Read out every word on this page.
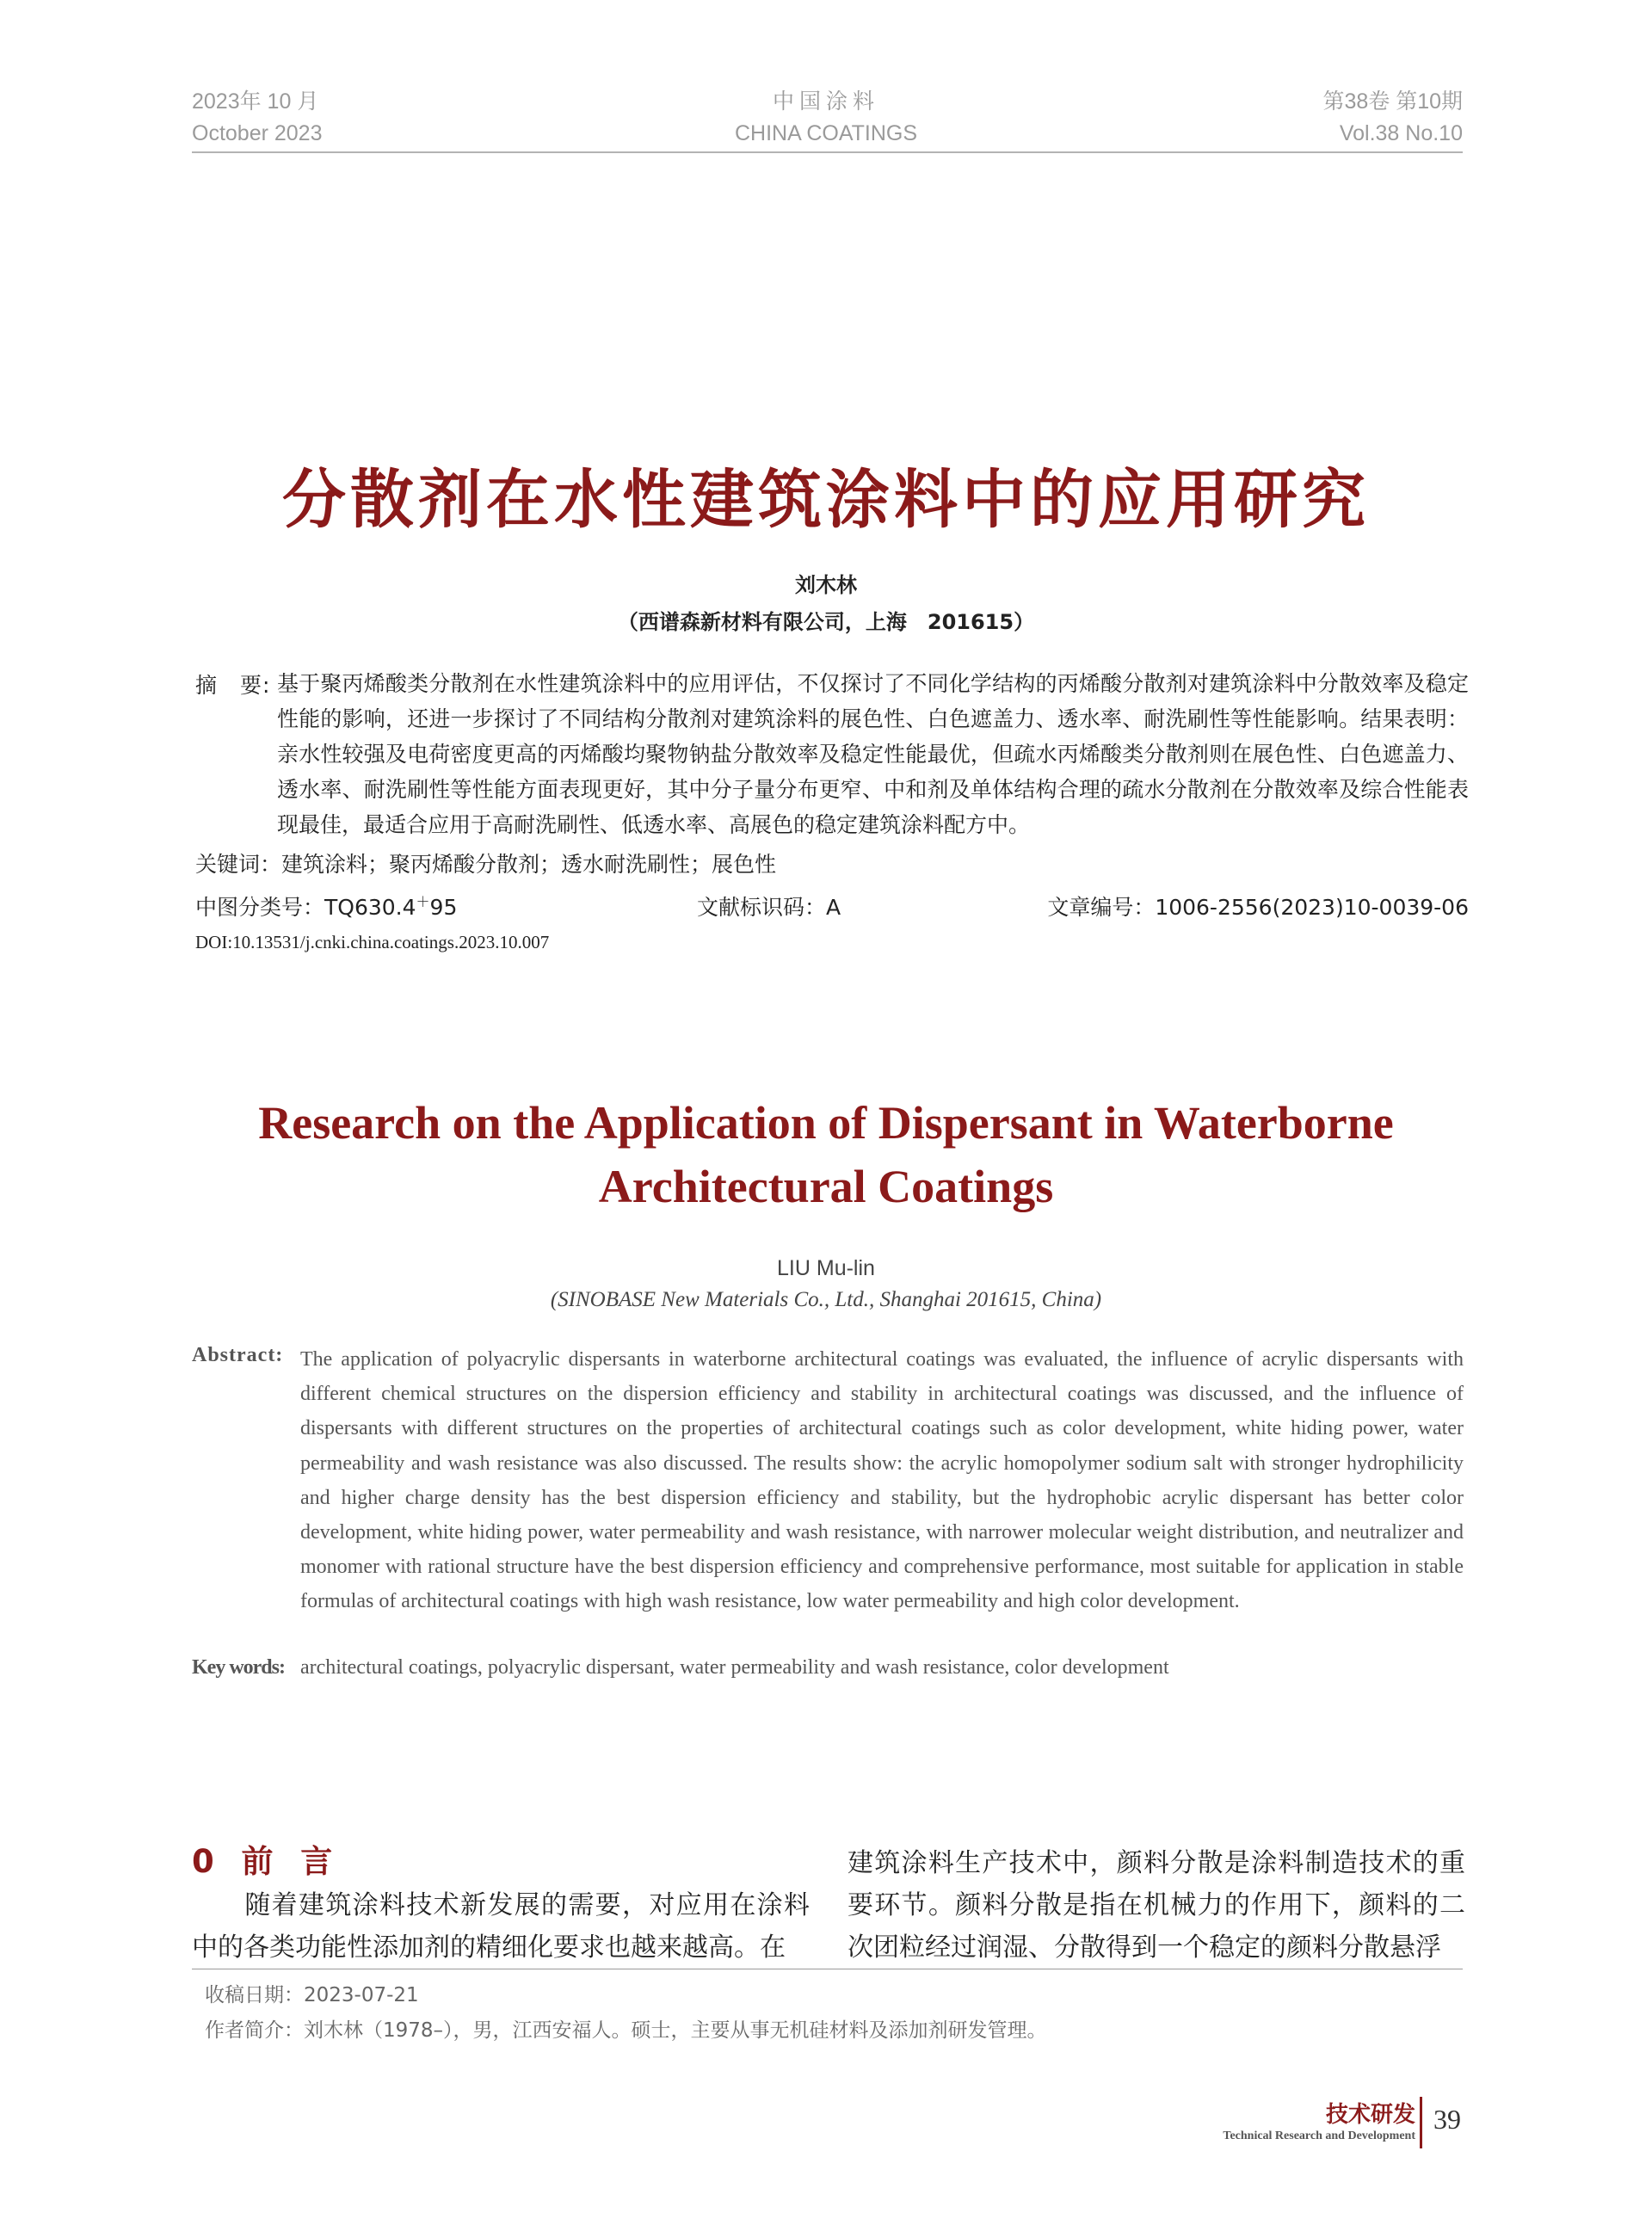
2023年 10 月
October 2023
中国涂料
CHINA COATINGS
第38卷 第10期
Vol.38 No.10
分散剂在水性建筑涂料中的应用研究
刘木林
（西谱森新材料有限公司，上海　201615）
摘　要: 基于聚丙烯酸类分散剂在水性建筑涂料中的应用评估，不仅探讨了不同化学结构的丙烯酸分散剂对建筑涂料中分散效率及稳定性能的影响，还进一步探讨了不同结构分散剂对建筑涂料的展色性、白色遮盖力、透水率、耐洗刷性等性能影响。结果表明：亲水性较强及电荷密度更高的丙烯酸均聚物钠盐分散效率及稳定性能最优，但疏水丙烯酸类分散剂则在展色性、白色遮盖力、透水率、耐洗刷性等性能方面表现更好，其中分子量分布更窄、中和剂及单体结构合理的疏水分散剂在分散效率及综合性能表现最佳，最适合应用于高耐洗刷性、低透水率、高展色的稳定建筑涂料配方中。
关键词：建筑涂料；聚丙烯酸分散剂；透水耐洗刷性；展色性
中图分类号：TQ630.4＋95	文献标识码：A	文章编号：1006-2556(2023)10-0039-06
DOI:10.13531/j.cnki.china.coatings.2023.10.007
Research on the Application of Dispersant in Waterborne Architectural Coatings
LIU Mu-lin
(SINOBASE New Materials Co., Ltd., Shanghai 201615, China)
Abstract: The application of polyacrylic dispersants in waterborne architectural coatings was evaluated, the influence of acrylic dispersants with different chemical structures on the dispersion efficiency and stability in architectural coatings was discussed, and the influence of dispersants with different structures on the properties of architectural coatings such as color development, white hiding power, water permeability and wash resistance was also discussed. The results show: the acrylic homopolymer sodium salt with stronger hydrophilicity and higher charge density has the best dispersion efficiency and stability, but the hydrophobic acrylic dispersant has better color development, white hiding power, water permeability and wash resistance, with narrower molecular weight distribution, and neutralizer and monomer with rational structure have the best dispersion efficiency and comprehensive performance, most suitable for application in stable formulas of architectural coatings with high wash resistance, low water permeability and high color development.
Key words: architectural coatings, polyacrylic dispersant, water permeability and wash resistance, color development
0  前  言
随着建筑涂料技术新发展的需要，对应用在涂料中的各类功能性添加剂的精细化要求也越来越高。在
建筑涂料生产技术中，颜料分散是涂料制造技术的重要环节。颜料分散是指在机械力的作用下，颜料的二次团粒经过润湿、分散得到一个稳定的颜料分散悬浮
收稿日期：2023-07-21
作者简介：刘木林（1978–），男，江西安福人。硕士，主要从事无机硅材料及添加剂研发管理。
技术研发
Technical Research and Development
39
